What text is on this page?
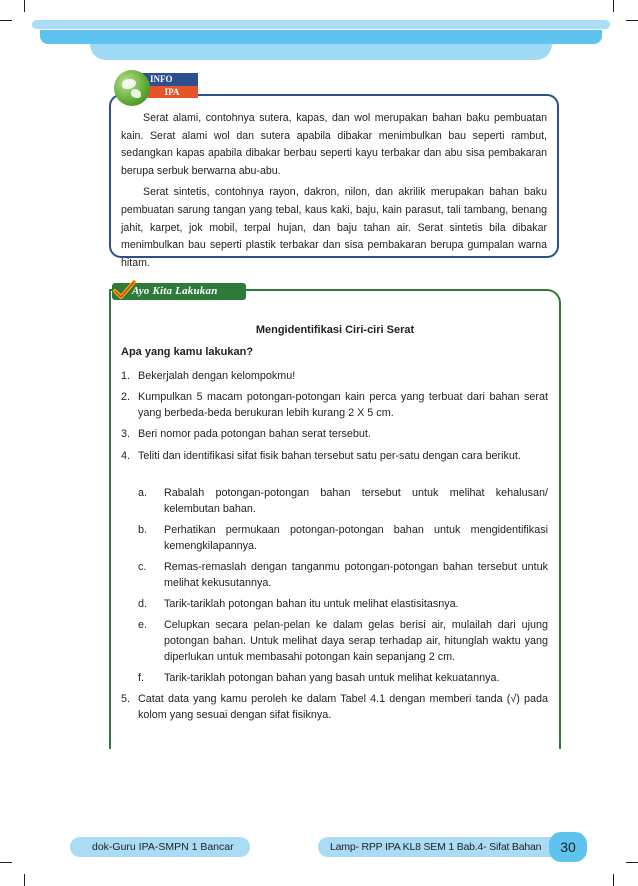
Serat alami, contohnya sutera, kapas, dan wol merupakan bahan baku pembuatan kain. Serat alami wol dan sutera apabila dibakar menimbulkan bau seperti rambut, sedangkan kapas apabila dibakar berbau seperti kayu terbakar dan abu sisa pembakaran berupa serbuk berwarna abu-abu.

Serat sintetis, contohnya rayon, dakron, nilon, dan akrilik merupakan bahan baku pembuatan sarung tangan yang tebal, kaus kaki, baju, kain parasut, tali tambang, benang jahit, karpet, jok mobil, terpal hujan, dan baju tahan air. Serat sintetis bila dibakar menimbulkan bau seperti plastik terbakar dan sisa pembakaran berupa gumpalan warna hitam.

INFO
IPA
Ayo Kita Lakukan
Mengidentifikasi Ciri-ciri Serat
Apa yang kamu lakukan?
1. Bekerjalah dengan kelompokmu!
2. Kumpulkan 5 macam potongan-potongan kain perca yang terbuat dari bahan serat yang berbeda-beda berukuran lebih kurang 2 X 5 cm.
3. Beri nomor pada potongan bahan serat tersebut.
4. Teliti dan identifikasi sifat fisik bahan tersebut satu per-satu dengan cara berikut.
a. Rabalah potongan-potongan bahan tersebut untuk melihat kehalusan/ kelembutan bahan.
b. Perhatikan permukaan potongan-potongan bahan untuk mengidentifikasi kemengkilapannya.
c. Remas-remaslah dengan tanganmu potongan-potongan bahan tersebut untuk melihat kekusutannya.
d. Tarik-tariklah potongan bahan itu untuk melihat elastisitasnya.
e. Celupkan secara pelan-pelan ke dalam gelas berisi air, mulailah dari ujung potongan bahan. Untuk melihat daya serap terhadap air, hitunglah waktu yang diperlukan untuk membasahi potongan kain sepanjang 2 cm.
f. Tarik-tariklah potongan bahan yang basah untuk melihat kekuatannya.
5. Catat data yang kamu peroleh ke dalam Tabel 4.1 dengan memberi tanda (√) pada kolom yang sesuai dengan sifat fisiknya.
dok-Guru IPA-SMPN 1 Bancar	Lamp- RPP IPA KL8 SEM 1 Bab.4- Sifat Bahan	30
